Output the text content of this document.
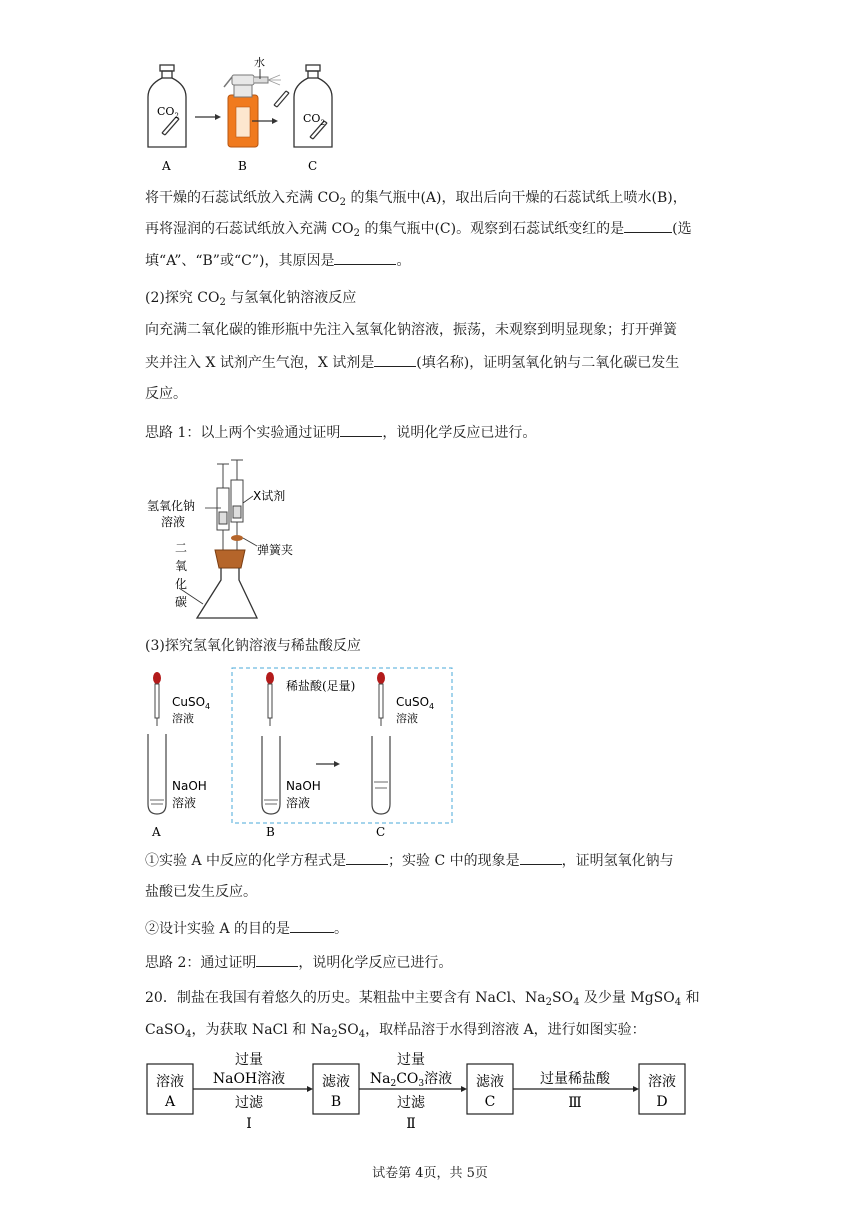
$CO_2$
水
$CO_2$
A	B	C
将干燥的石蕊试纸放入充满 $CO_2$ 的集气瓶中(A)，取出后向干燥的石蕊试纸上喷水(B)，
再将湿润的石蕊试纸放入充满 $CO_2$ 的集气瓶中(C)。观察到石蕊试纸变红的是	(选
填“A”、“B”或“C”)，其原因是	。
(2)探究 $CO_2$ 与氢氧化钠溶液反应
向充满二氧化碳的锥形瓶中先注入氢氧化钠溶液，振荡，未观察到明显现象；打开弹簧
夹并注入 X 试剂产生气泡，X 试剂是	(填名称)，证明氢氧化钠与二氧化碳已发生
反应。
思路 1：以上两个实验通过证明	，说明化学反应已进行。
氢氧化钠
溶液
X试剂
弹簧夹
二
氧
化
碳
(3)探究氢氧化钠溶液与稀盐酸反应
CuSO$_4$
溶液
NaOH
溶液
稀盐酸(足量)
NaOH
溶液
CuSO$_4$
溶液
A	B	C
①实验 A 中反应的化学方程式是	；实验 C 中的现象是	，证明氢氧化钠与
盐酸已发生反应。
②设计实验 A 的目的是	。
思路 2：通过证明	，说明化学反应已进行。
20．制盐在我国有着悠久的历史。某粗盐中主要含有 NaCl、$Na_2SO_4$ 及少量 MgSO$_4$ 和
CaSO$_4$，为获取 NaCl 和 $Na_2SO_4$，取样品溶于水得到溶液 A，进行如图实验：
溶液
A
滤液
B
滤液
C
溶液
D
过量
NaOH溶液
过滤
Ⅰ
过量
$Na_2CO_3$溶液
过滤
Ⅱ
过量稀盐酸
Ⅲ
试卷第 4页，共 5页
